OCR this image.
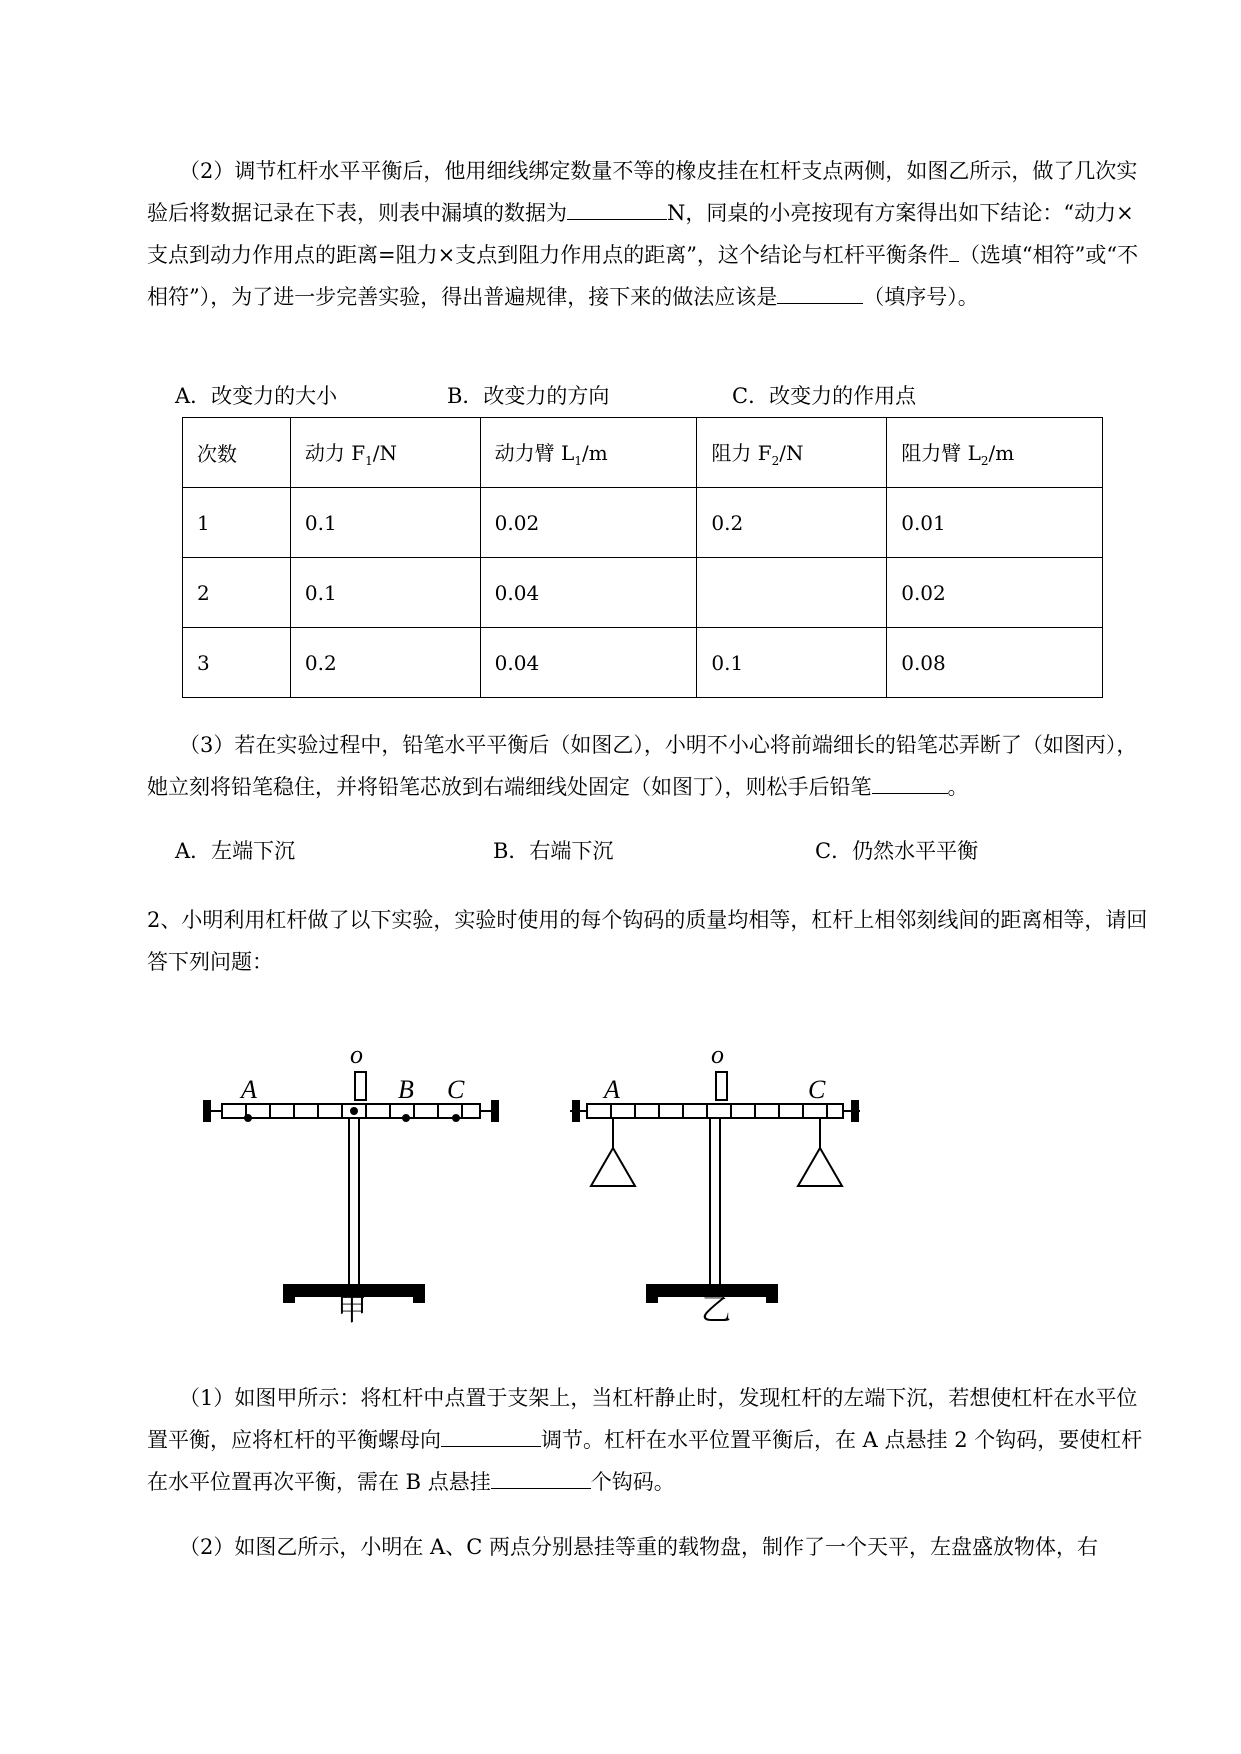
（2）调节杠杆水平平衡后，他用细线绑定数量不等的橡皮挂在杠杆支点两侧，如图乙所示，做了几次实验后将数据记录在下表，则表中漏填的数据为	N，同桌的小亮按现有方案得出如下结论：“动力×支点到动力作用点的距离=阻力×支点到阻力作用点的距离”，这个结论与杠杆平衡条件 （选填“相符”或“不相符”），为了进一步完善实验，得出普遍规律，接下来的做法应该是	（填序号）。

A．改变力的大小	B．改变力的方向	C．改变力的作用点
次数	动力 $F_1/N$	动力臂 $L_1/m$	阻力 $F_2/N$	阻力臂 $L_2/m$
1	0.1	0.02	0.2	0.01
2	0.1	0.04		0.02
3	0.2	0.04	0.1	0.08

（3）若在实验过程中，铅笔水平平衡后（如图乙），小明不小心将前端细长的铅笔芯弄断了（如图丙），她立刻将铅笔稳住，并将铅笔芯放到右端细线处固定（如图丁），则松手后铅笔	。

A．左端下沉	B．右端下沉	C．仍然水平平衡

2、小明利用杠杆做了以下实验，实验时使用的每个钩码的质量均相等，杠杆上相邻刻线间的距离相等，请回答下列问题：

o
A	B C
甲
o
A	C
乙

（1）如图甲所示：将杠杆中点置于支架上，当杠杆静止时，发现杠杆的左端下沉，若想使杠杆在水平位置平衡，应将杠杆的平衡螺母向	调节。杠杆在水平位置平衡后，在 A 点悬挂 2 个钩码，要使杠杆在水平位置再次平衡，需在 B 点悬挂	个钩码。

（2）如图乙所示，小明在 A、C 两点分别悬挂等重的载物盘，制作了一个天平，左盘盛放物体，右
